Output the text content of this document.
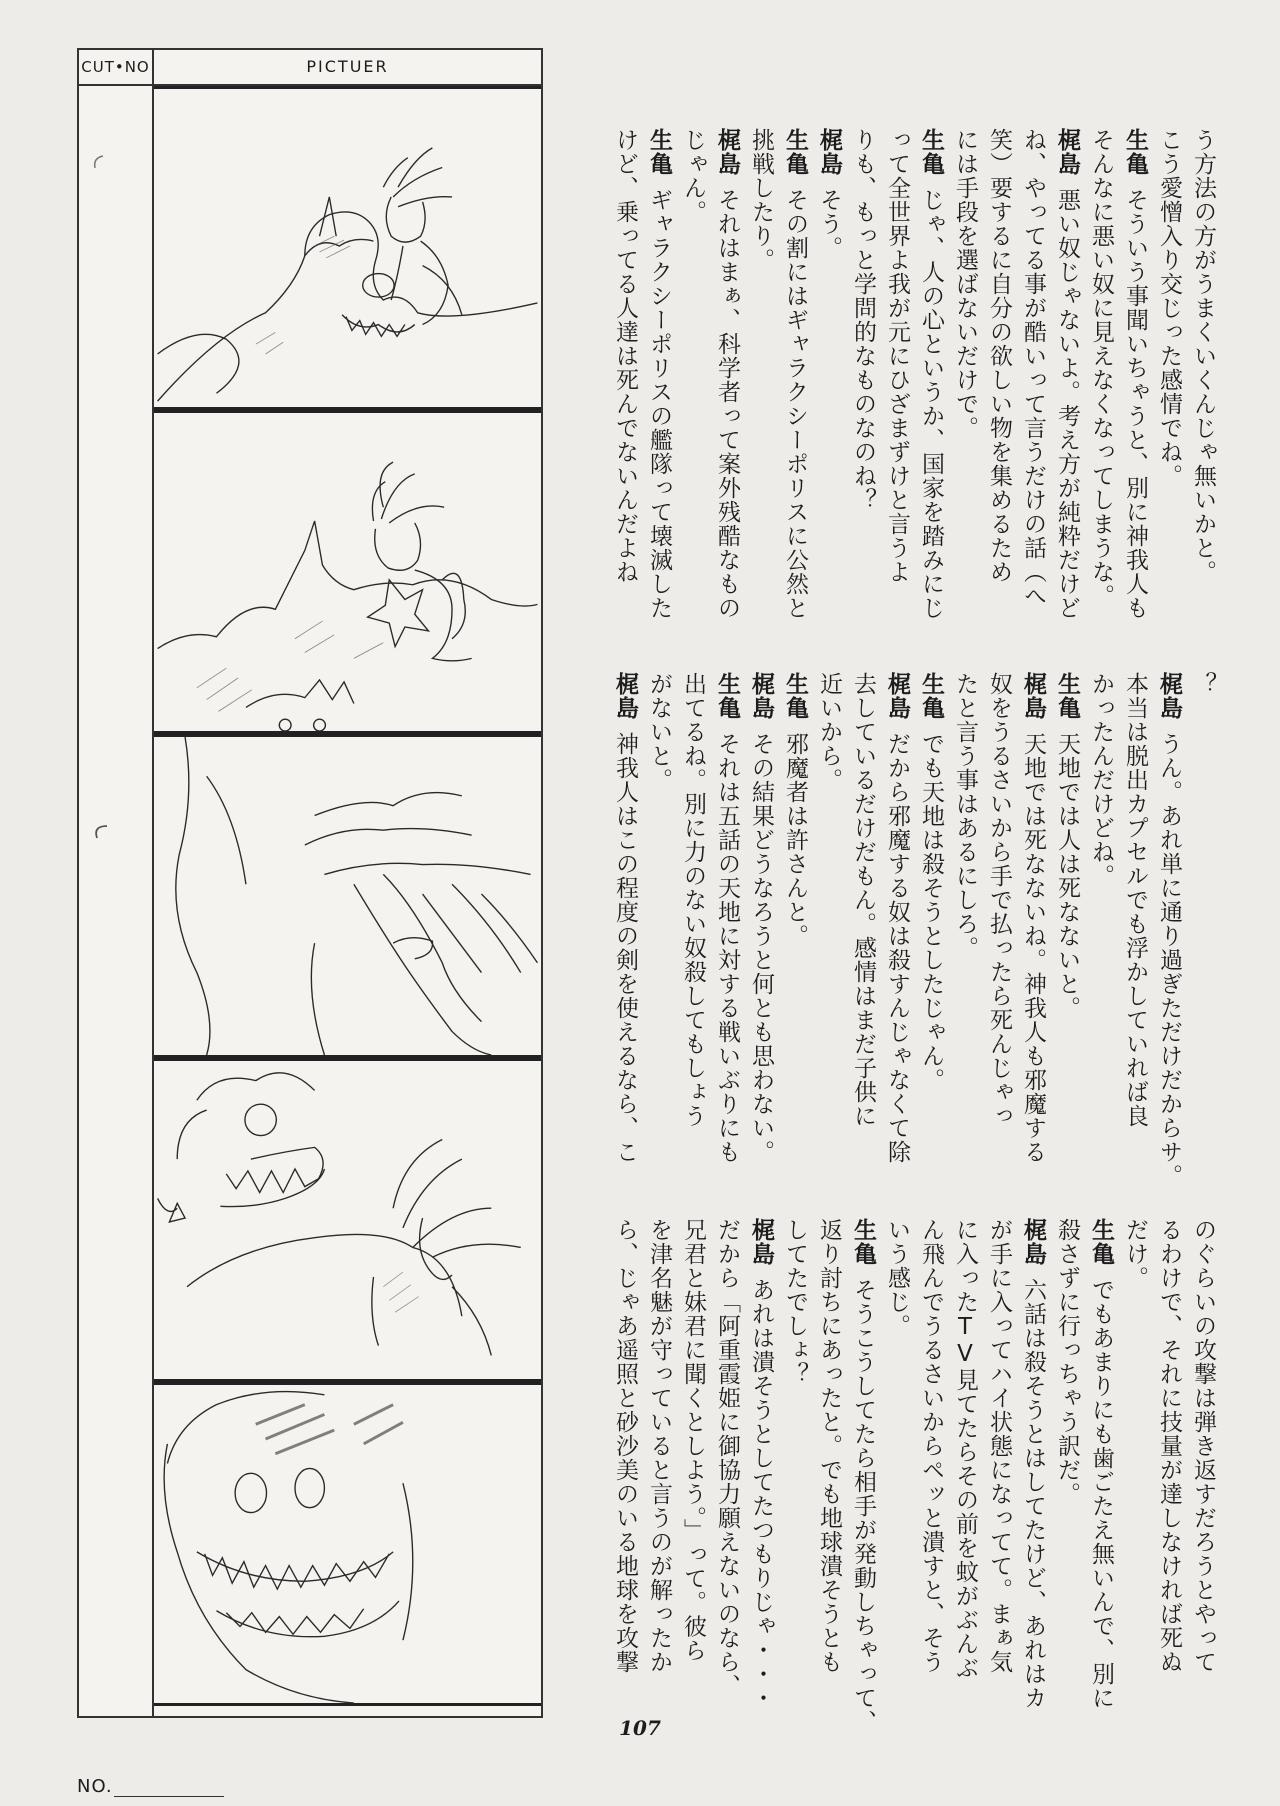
CUT•NO	PICTUER
う方法の方がうまくいくんじゃ無いかと。
こう愛憎入り交じった感情でね。
生亀そういう事聞いちゃうと、別に神我人も
そんなに悪い奴に見えなくなってしまうな。
梶島悪い奴じゃないよ。考え方が純粋だけど
ね、やってる事が酷いって言うだけの話（へ
笑）要するに自分の欲しい物を集めるため
には手段を選ばないだけで。
生亀じゃ、人の心というか、国家を踏みにじ
って全世界よ我が元にひざまずけと言うよ
りも、もっと学問的なものなのね？
梶島そう。
生亀その割にはギャラクシーポリスに公然と
挑戦したり。
梶島それはまぁ、科学者って案外残酷なもの
じゃん。
生亀ギャラクシーポリスの艦隊って壊滅した
けど、乗ってる人達は死んでないんだよね
？
梶島うん。あれ単に通り過ぎただけだからサ。
本当は脱出カプセルでも浮かしていれば良
かったんだけどね。
生亀天地では人は死なないと。
梶島天地では死なないね。神我人も邪魔する
奴をうるさいから手で払ったら死んじゃっ
たと言う事はあるにしろ。
生亀でも天地は殺そうとしたじゃん。
梶島だから邪魔する奴は殺すんじゃなくて除
去しているだけだもん。感情はまだ子供に
近いから。
生亀邪魔者は許さんと。
梶島その結果どうなろうと何とも思わない。
生亀それは五話の天地に対する戦いぶりにも
出てるね。別に力のない奴殺してもしょう
がないと。
梶島神我人はこの程度の剣を使えるなら、こ
のぐらいの攻撃は弾き返すだろうとやって
るわけで、それに技量が達しなければ死ぬ
だけ。
生亀でもあまりにも歯ごたえ無いんで、別に
殺さずに行っちゃう訳だ。
梶島六話は殺そうとはしてたけど、あれはカ
が手に入ってハイ状態になってて。まぁ気
に入ったTV見てたらその前を蚊がぶんぶ
ん飛んでうるさいからペッと潰すと、そう
いう感じ。
生亀そうこうしてたら相手が発動しちゃって、
返り討ちにあったと。でも地球潰そうとも
してたでしょ？
梶島あれは潰そうとしてたつもりじゃ・・・
だから「阿重霞姫に御協力願えないのなら、
兄君と妹君に聞くとしよう。」って。彼ら
を津名魅が守っていると言うのが解ったか
ら、じゃあ遥照と砂沙美のいる地球を攻撃
107
NO.
